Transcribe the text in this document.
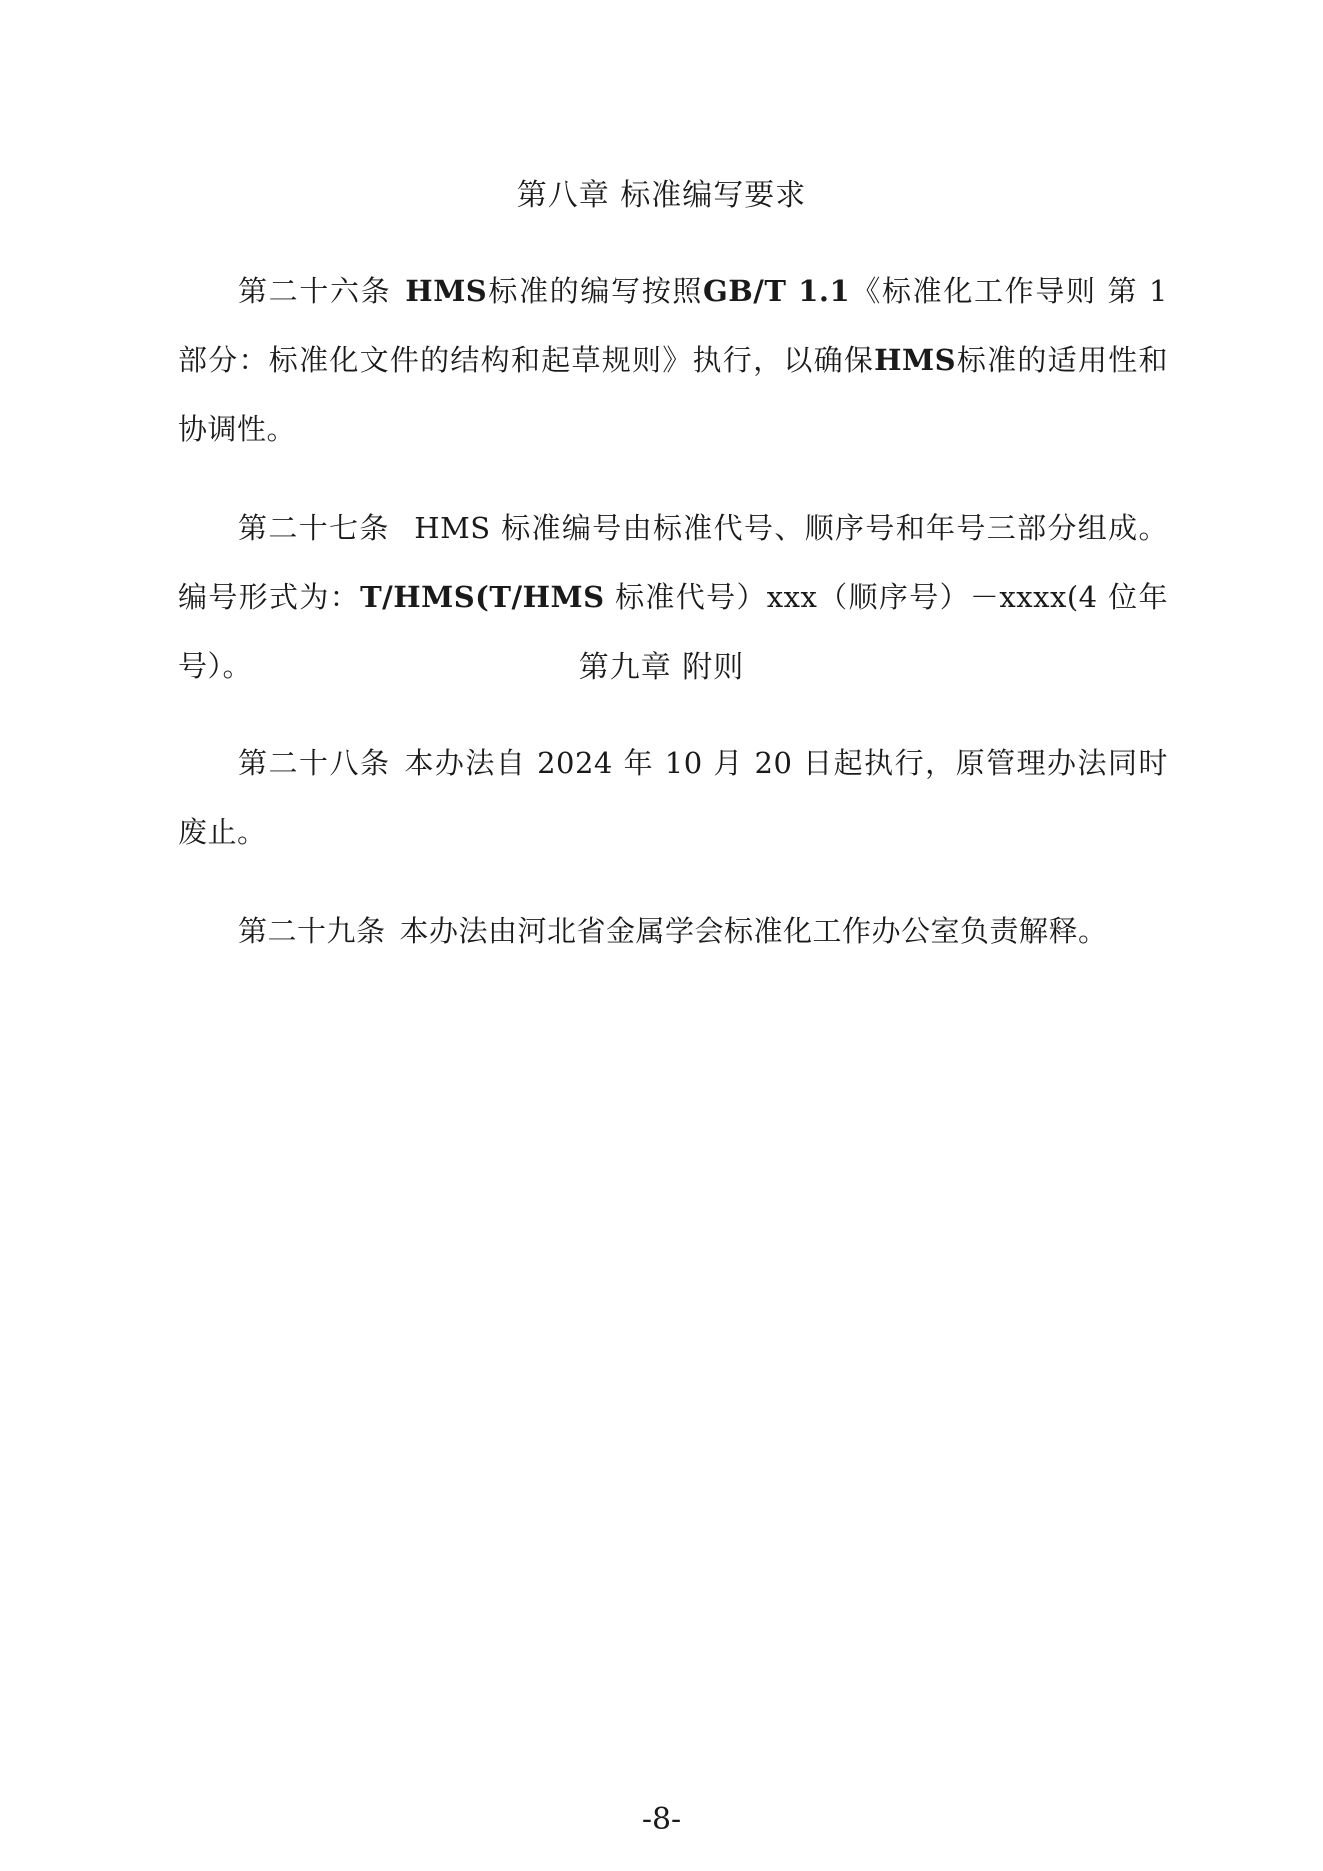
第八章 标准编写要求
第二十六条 HMS标准的编写按照GB/T 1.1《标准化工作导则 第 1 部分：标准化文件的结构和起草规则》执行，以确保HMS标准的适用性和协调性。
第二十七条 HMS 标准编号由标准代号、顺序号和年号三部分组成。编号形式为：T/HMS(T/HMS 标准代号）xxx（顺序号）－xxxx(4 位年号）。	第九章 附则
第二十八条 本办法自 2024 年 10 月 20 日起执行，原管理办法同时废止。
第二十九条 本办法由河北省金属学会标准化工作办公室负责解释。
-8-
